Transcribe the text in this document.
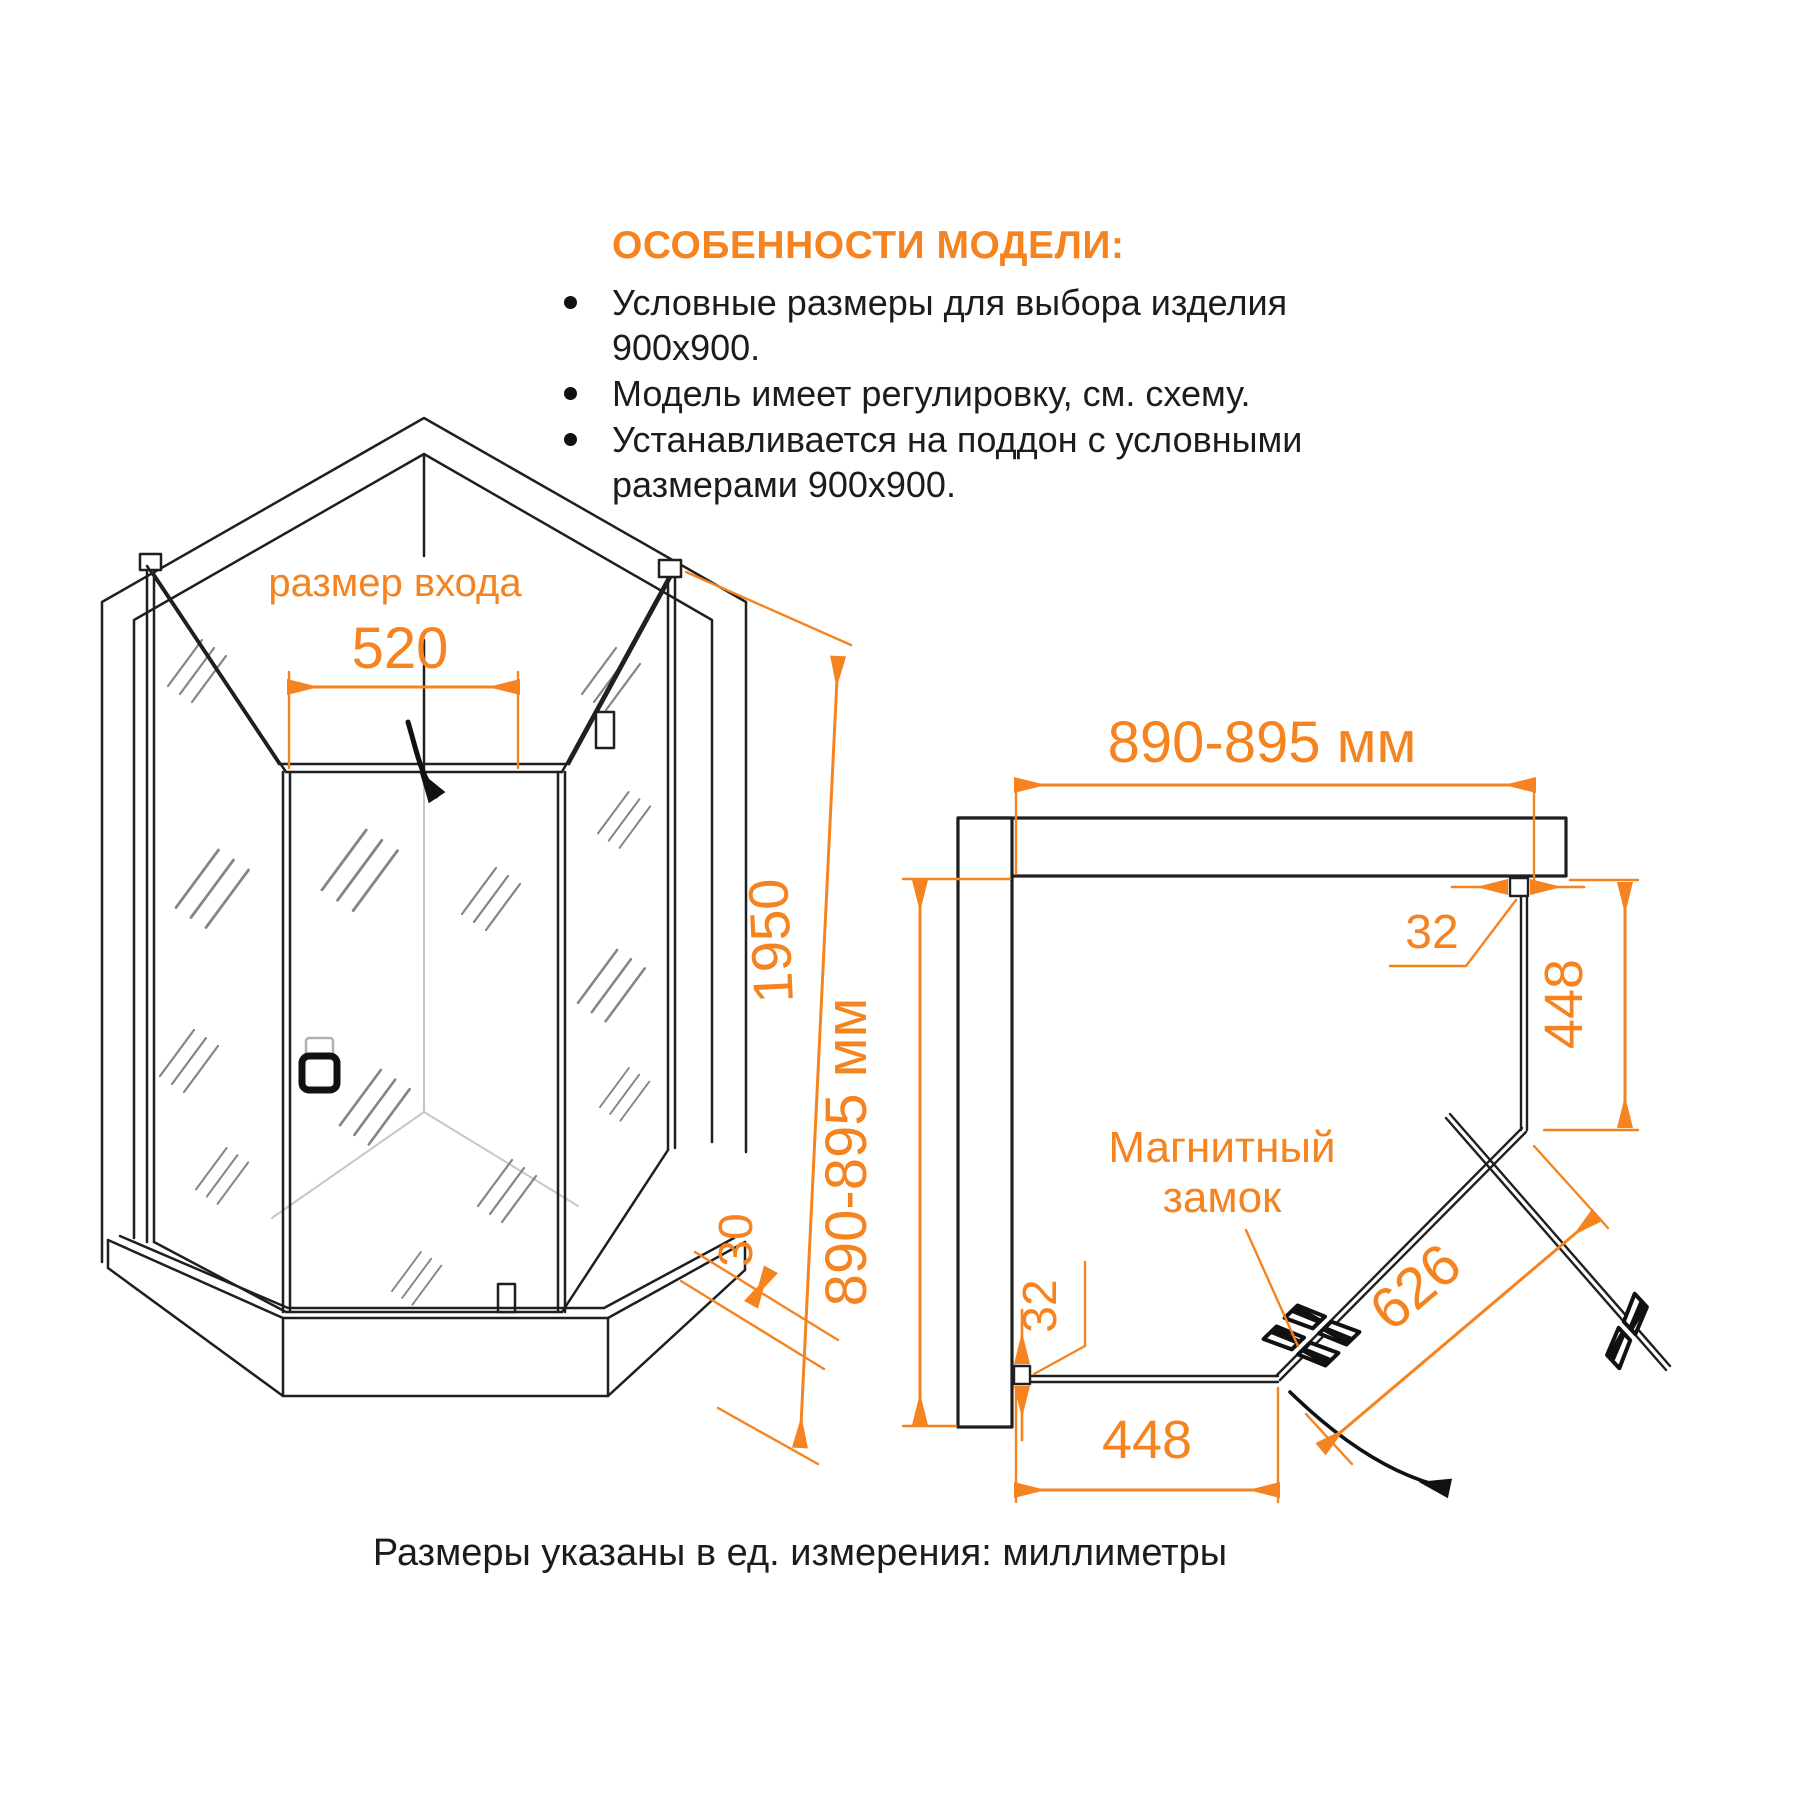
ОСОБЕННОСТИ МОДЕЛИ:
Условные размеры для выбора изделия 900x900.
Модель имеет регулировку, см. схему.
Устанавливается на поддон с условными размерами 900x900.
размер входа
520
1950
30
890-895 мм
890-895 мм	448
448
626
32
32
Магнитный
замок
Размеры указаны в ед. измерения: миллиметры
